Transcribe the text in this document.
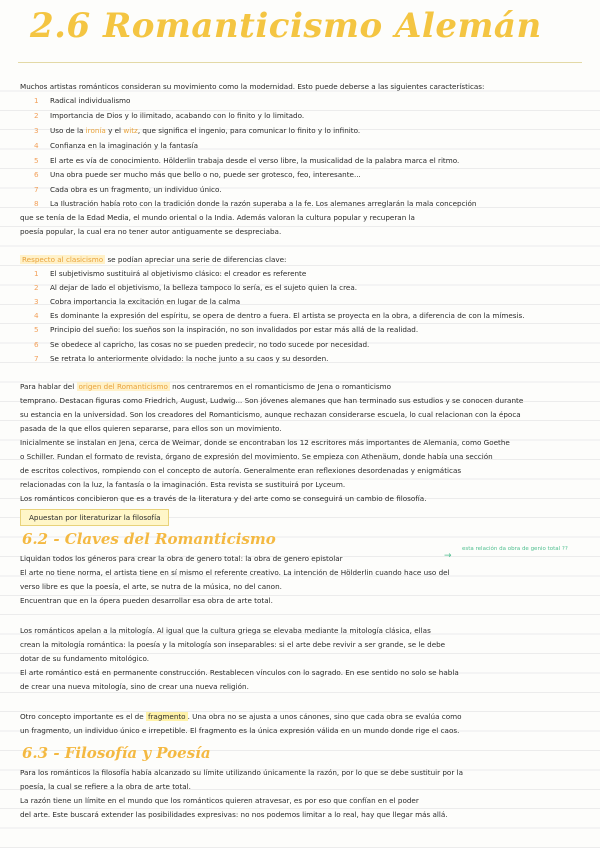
2.6 Romanticismo Alemán

Muchos artistas románticos consideran su movimiento como la modernidad. Esto puede deberse a las siguientes características:

1 Radical individualismo

2 Importancia de Dios y lo ilimitado, acabando con lo finito y lo limitado.

3 Uso de la ironía y el witz, que significa el ingenio, para comunicar lo finito y lo infinito.

4 Confianza en la imaginación y la fantasía

5 El arte es vía de conocimiento. Hölderlin trabaja desde el verso libre, la musicalidad de la palabra marca el ritmo.

6 Una obra puede ser mucho más que bello o no, puede ser grotesco, feo, interesante...

7 Cada obra es un fragmento, un individuo único.

8 La Ilustración había roto con la tradición donde la razón superaba a la fe. Los alemanes arreglarán la mala concepción

que se tenía de la Edad Media, el mundo oriental o la India. Además valoran la cultura popular y recuperan la

poesía popular, la cual era no tener autor antiguamente se despreciaba.

Respecto al clasicismo se podían apreciar una serie de diferencias clave:

1 El subjetivismo sustituirá al objetivismo clásico: el creador es referente

2 Al dejar de lado el objetivismo, la belleza tampoco lo sería, es el sujeto quien la crea.

3 Cobra importancia la excitación en lugar de la calma

4 Es dominante la expresión del espíritu, se opera de dentro a fuera. El artista se proyecta en la obra, a diferencia de con la mímesis.

5 Principio del sueño: los sueños son la inspiración, no son invalidados por estar más allá de la realidad.

6 Se obedece al capricho, las cosas no se pueden predecir, no todo sucede por necesidad.

7 Se retrata lo anteriormente olvidado: la noche junto a su caos y su desorden.

Para hablar del origen del Romanticismo nos centraremos en el romanticismo de Jena o romanticismo

temprano. Destacan figuras como Friedrich, August, Ludwig... Son jóvenes alemanes que han terminado sus estudios y se conocen durante

su estancia en la universidad. Son los creadores del Romanticismo, aunque rechazan considerarse escuela, lo cual relacionan con la época

pasada de la que ellos quieren separarse, para ellos son un movimiento.

Inicialmente se instalan en Jena, cerca de Weimar, donde se encontraban los 12 escritores más importantes de Alemania, como Goethe

o Schiller. Fundan el formato de revista, órgano de expresión del movimiento. Se empieza con Athenäum, donde había una sección

de escritos colectivos, rompiendo con el concepto de autoría. Generalmente eran reflexiones desordenadas y enigmáticas

relacionadas con la luz, la fantasía o la imaginación. Esta revista se sustituirá por Lyceum.

Los románticos concibieron que es a través de la literatura y del arte como se conseguirá un cambio de filosofía.

Apuestan por literaturizar la filosofía
6.2 - Claves del Romanticismo
→
esta relación da obra de genio total ??

Liquidan todos los géneros para crear la obra de genero total: la obra de genero epistolar

El arte no tiene norma, el artista tiene en sí mismo el referente creativo. La intención de Hölderlin cuando hace uso del

verso libre es que la poesía, el arte, se nutra de la música, no del canon.

Encuentran que en la ópera pueden desarrollar esa obra de arte total.

Los románticos apelan a la mitología. Al igual que la cultura griega se elevaba mediante la mitología clásica, ellas

crean la mitología romántica: la poesía y la mitología son inseparables: si el arte debe revivir a ser grande, se le debe

dotar de su fundamento mitológico.

El arte romántico está en permanente construcción. Restablecen vínculos con lo sagrado. En ese sentido no solo se habla

de crear una nueva mitología, sino de crear una nueva religión.

Otro concepto importante es el de fragmento . Una obra no se ajusta a unos cánones, sino que cada obra se evalúa como

un fragmento, un individuo único e irrepetible. El fragmento es la única expresión válida en un mundo donde rige el caos.

6.3 - Filosofía y Poesía

Para los románticos la filosofía había alcanzado su límite utilizando únicamente la razón, por lo que se debe sustituir por la

poesía, la cual se refiere a la obra de arte total.

La razón tiene un límite en el mundo que los románticos quieren atravesar, es por eso que confían en el poder

del arte. Este buscará extender las posibilidades expresivas: no nos podemos limitar a lo real, hay que llegar más allá.
